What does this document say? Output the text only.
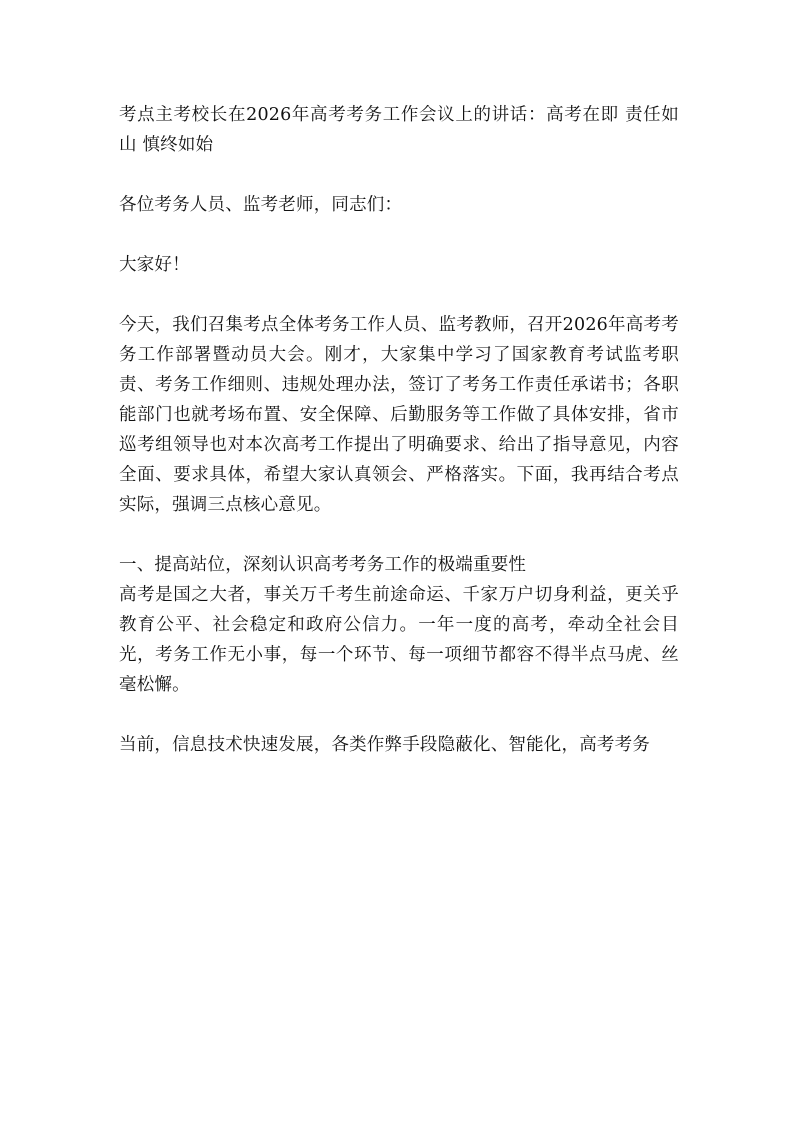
考点主考校长在2026年高考考务工作会议上的讲话：高考在即 责任如山 慎终如始

各位考务人员、监考老师，同志们：

大家好！

今天，我们召集考点全体考务工作人员、监考教师，召开2026年高考考务工作部署暨动员大会。刚才，大家集中学习了国家教育考试监考职责、考务工作细则、违规处理办法，签订了考务工作责任承诺书；各职能部门也就考场布置、安全保障、后勤服务等工作做了具体安排，省市巡考组领导也对本次高考工作提出了明确要求、给出了指导意见，内容全面、要求具体，希望大家认真领会、严格落实。下面，我再结合考点实际，强调三点核心意见。

一、提高站位，深刻认识高考考务工作的极端重要性

高考是国之大者，事关万千考生前途命运、千家万户切身利益，更关乎教育公平、社会稳定和政府公信力。一年一度的高考，牵动全社会目光，考务工作无小事，每一个环节、每一项细节都容不得半点马虎、丝毫松懈。

当前，信息技术快速发展，各类作弊手段隐蔽化、智能化，高考考务
